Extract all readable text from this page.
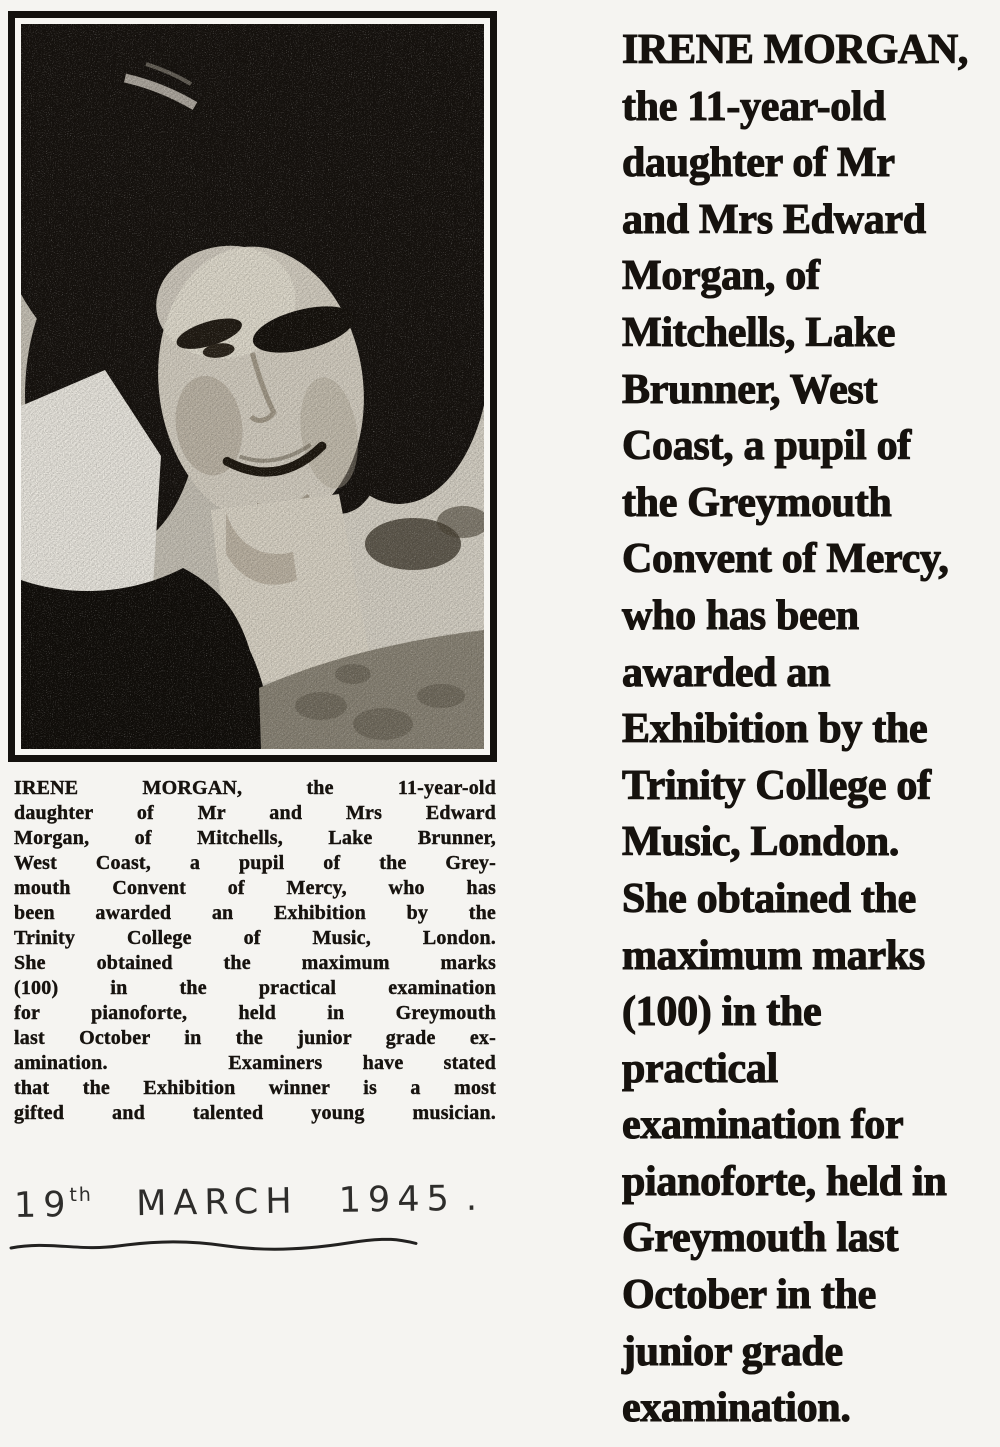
IRENE MORGAN, the 11-year-old
daughter of Mr and Mrs Edward
Morgan, of Mitchells, Lake Brunner,
West Coast, a pupil of the Grey-
mouth Convent of Mercy, who has
been awarded an Exhibition by the
Trinity College of Music, London.
She obtained the maximum marks
(100) in the practical examination
for pianoforte, held in Greymouth
last October in the junior grade ex-
amination.   Examiners have stated
that the Exhibition winner is a most
gifted and talented young musician.
19th MARCH 1945 .
IRENE MORGAN,
the 11-year-old
daughter of Mr
and Mrs Edward
Morgan, of
Mitchells, Lake
Brunner, West
Coast, a pupil of
the Greymouth
Convent of Mercy,
who has been
awarded an
Exhibition by the
Trinity College of
Music, London.
She obtained the
maximum marks
(100) in the
practical
examination for
pianoforte, held in
Greymouth last
October in the
junior grade
examination.
